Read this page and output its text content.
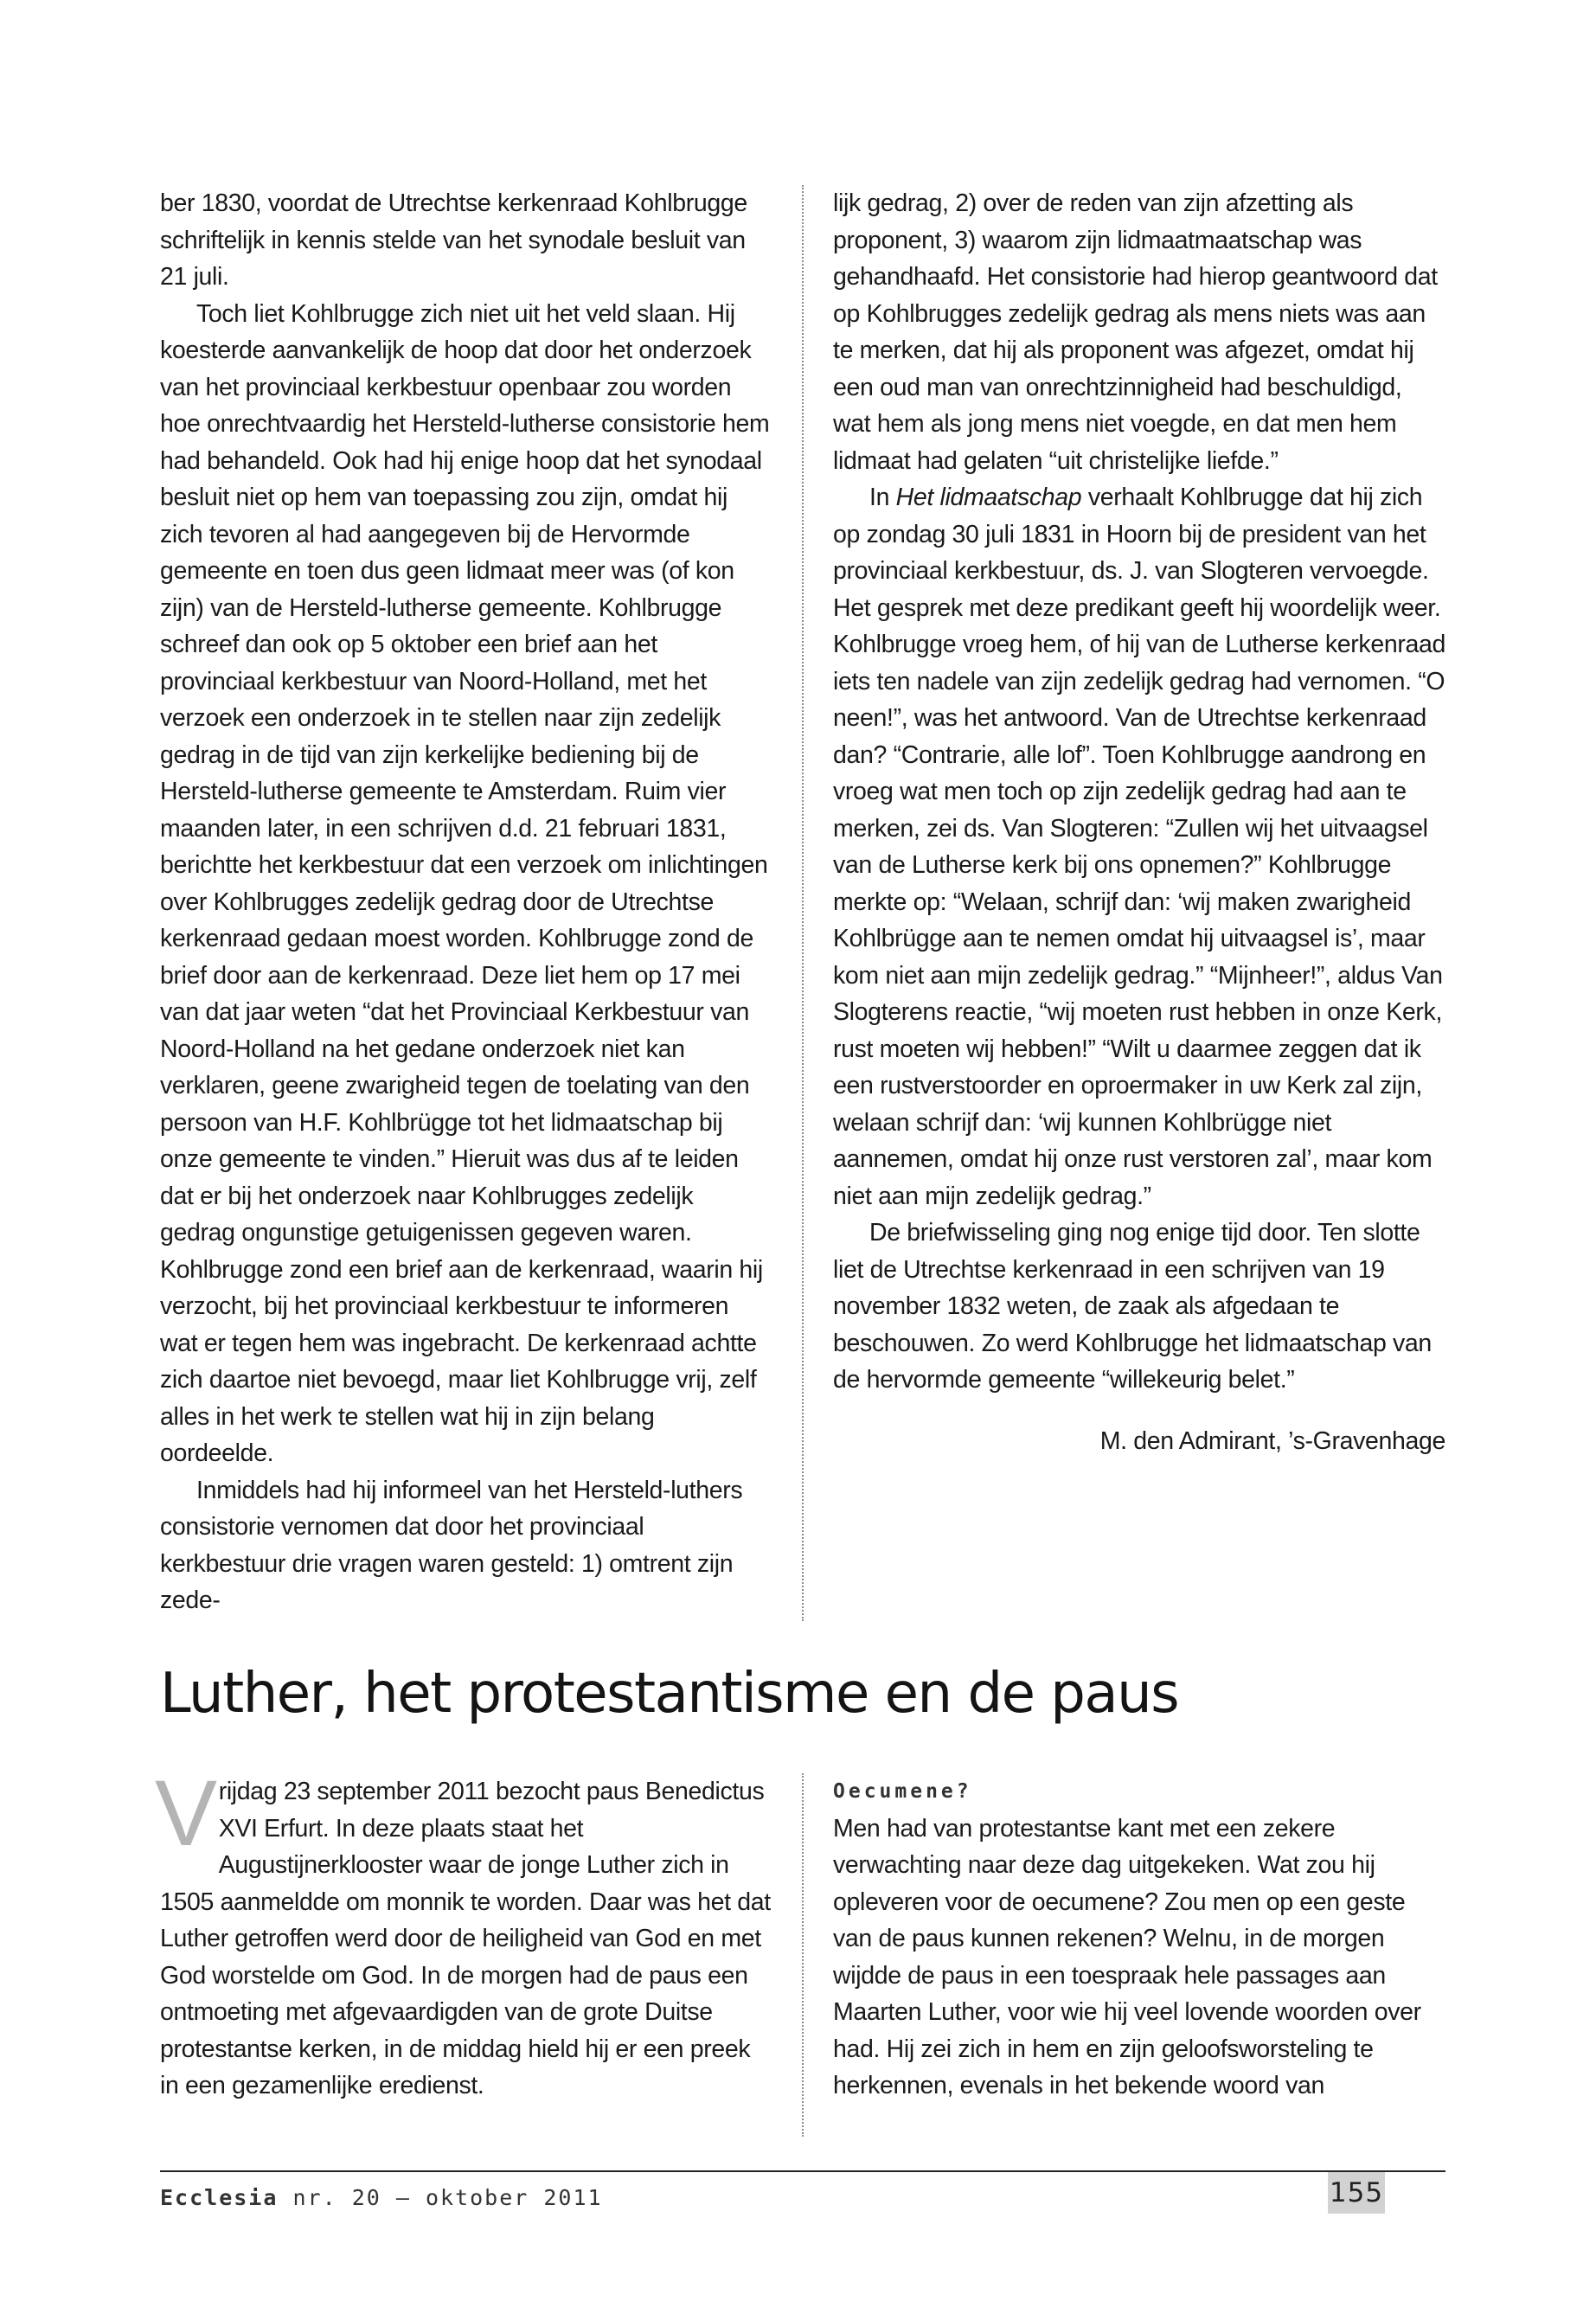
ber 1830, voordat de Utrechtse kerkenraad Kohlbrugge schriftelijk in kennis stelde van het synodale besluit van 21 juli.

Toch liet Kohlbrugge zich niet uit het veld slaan. Hij koesterde aanvankelijk de hoop dat door het onderzoek van het provinciaal kerkbestuur openbaar zou worden hoe onrechtvaardig het Hersteld-lutherse consistorie hem had behandeld. Ook had hij enige hoop dat het synodaal besluit niet op hem van toepassing zou zijn, omdat hij zich tevoren al had aangegeven bij de Hervormde gemeente en toen dus geen lidmaat meer was (of kon zijn) van de Hersteld-lutherse gemeente. Kohlbrugge schreef dan ook op 5 oktober een brief aan het provinciaal kerkbestuur van Noord-Holland, met het verzoek een onderzoek in te stellen naar zijn zedelijk gedrag in de tijd van zijn kerkelijke bediening bij de Hersteld-lutherse gemeente te Amsterdam. Ruim vier maanden later, in een schrijven d.d. 21 februari 1831, berichtte het kerkbestuur dat een verzoek om inlichtingen over Kohlbrugges zedelijk gedrag door de Utrechtse kerkenraad gedaan moest worden. Kohlbrugge zond de brief door aan de kerkenraad. Deze liet hem op 17 mei van dat jaar weten “dat het Provinciaal Kerkbestuur van Noord-Holland na het gedane onderzoek niet kan verklaren, geene zwarigheid tegen de toelating van den persoon van H.F. Kohlbrügge tot het lidmaatschap bij onze gemeente te vinden.” Hieruit was dus af te leiden dat er bij het onderzoek naar Kohlbrugges zedelijk gedrag ongunstige getuigenissen gegeven waren. Kohlbrugge zond een brief aan de kerkenraad, waarin hij verzocht, bij het provinciaal kerkbestuur te informeren wat er tegen hem was ingebracht. De kerkenraad achtte zich daartoe niet bevoegd, maar liet Kohlbrugge vrij, zelf alles in het werk te stellen wat hij in zijn belang oordeelde.

Inmiddels had hij informeel van het Hersteld-luthers consistorie vernomen dat door het provinciaal kerkbestuur drie vragen waren gesteld: 1) omtrent zijn zede-

lijk gedrag, 2) over de reden van zijn afzetting als proponent, 3) waarom zijn lidmaatmaatschap was gehandhaafd. Het consistorie had hierop geantwoord dat op Kohlbrugges zedelijk gedrag als mens niets was aan te merken, dat hij als proponent was afgezet, omdat hij een oud man van onrechtzinnigheid had beschuldigd, wat hem als jong mens niet voegde, en dat men hem lidmaat had gelaten “uit christelijke liefde.”

In Het lidmaatschap verhaalt Kohlbrugge dat hij zich op zondag 30 juli 1831 in Hoorn bij de president van het provinciaal kerkbestuur, ds. J. van Slogteren vervoegde. Het gesprek met deze predikant geeft hij woordelijk weer. Kohlbrugge vroeg hem, of hij van de Lutherse kerkenraad iets ten nadele van zijn zedelijk gedrag had vernomen. “O neen!”, was het antwoord. Van de Utrechtse kerkenraad dan? “Contrarie, alle lof”. Toen Kohlbrugge aandrong en vroeg wat men toch op zijn zedelijk gedrag had aan te merken, zei ds. Van Slogteren: “Zullen wij het uitvaagsel van de Lutherse kerk bij ons opnemen?” Kohlbrugge merkte op: “Welaan, schrijf dan: ‘wij maken zwarigheid Kohlbrügge aan te nemen omdat hij uitvaagsel is’, maar kom niet aan mijn zedelijk gedrag.” “Mijnheer!”, aldus Van Slogterens reactie, “wij moeten rust hebben in onze Kerk, rust moeten wij hebben!” “Wilt u daarmee zeggen dat ik een rustverstoorder en oproermaker in uw Kerk zal zijn, welaan schrijf dan: ‘wij kunnen Kohlbrügge niet aannemen, omdat hij onze rust verstoren zal’, maar kom niet aan mijn zedelijk gedrag.”

De briefwisseling ging nog enige tijd door. Ten slotte liet de Utrechtse kerkenraad in een schrijven van 19 november 1832 weten, de zaak als afgedaan te beschouwen. Zo werd Kohlbrugge het lidmaatschap van de hervormde gemeente “willekeurig belet.”

M. den Admirant, ’s-Gravenhage

Luther, het protestantisme en de paus

Vrijdag 23 september 2011 bezocht paus Benedictus XVI Erfurt. In deze plaats staat het Augustijnerklooster waar de jonge Luther zich in 1505 aanmeldde om monnik te worden. Daar was het dat Luther getroffen werd door de heiligheid van God en met God worstelde om God. In de morgen had de paus een ontmoeting met afgevaardigden van de grote Duitse protestantse kerken, in de middag hield hij er een preek in een gezamenlijke eredienst.

Oecumene?

Men had van protestantse kant met een zekere verwachting naar deze dag uitgekeken. Wat zou hij opleveren voor de oecumene? Zou men op een geste van de paus kunnen rekenen? Welnu, in de morgen wijdde de paus in een toespraak hele passages aan Maarten Luther, voor wie hij veel lovende woorden over had. Hij zei zich in hem en zijn geloofsworsteling te herkennen, evenals in het bekende woord van

Ecclesia nr. 20 — oktober 2011	155
